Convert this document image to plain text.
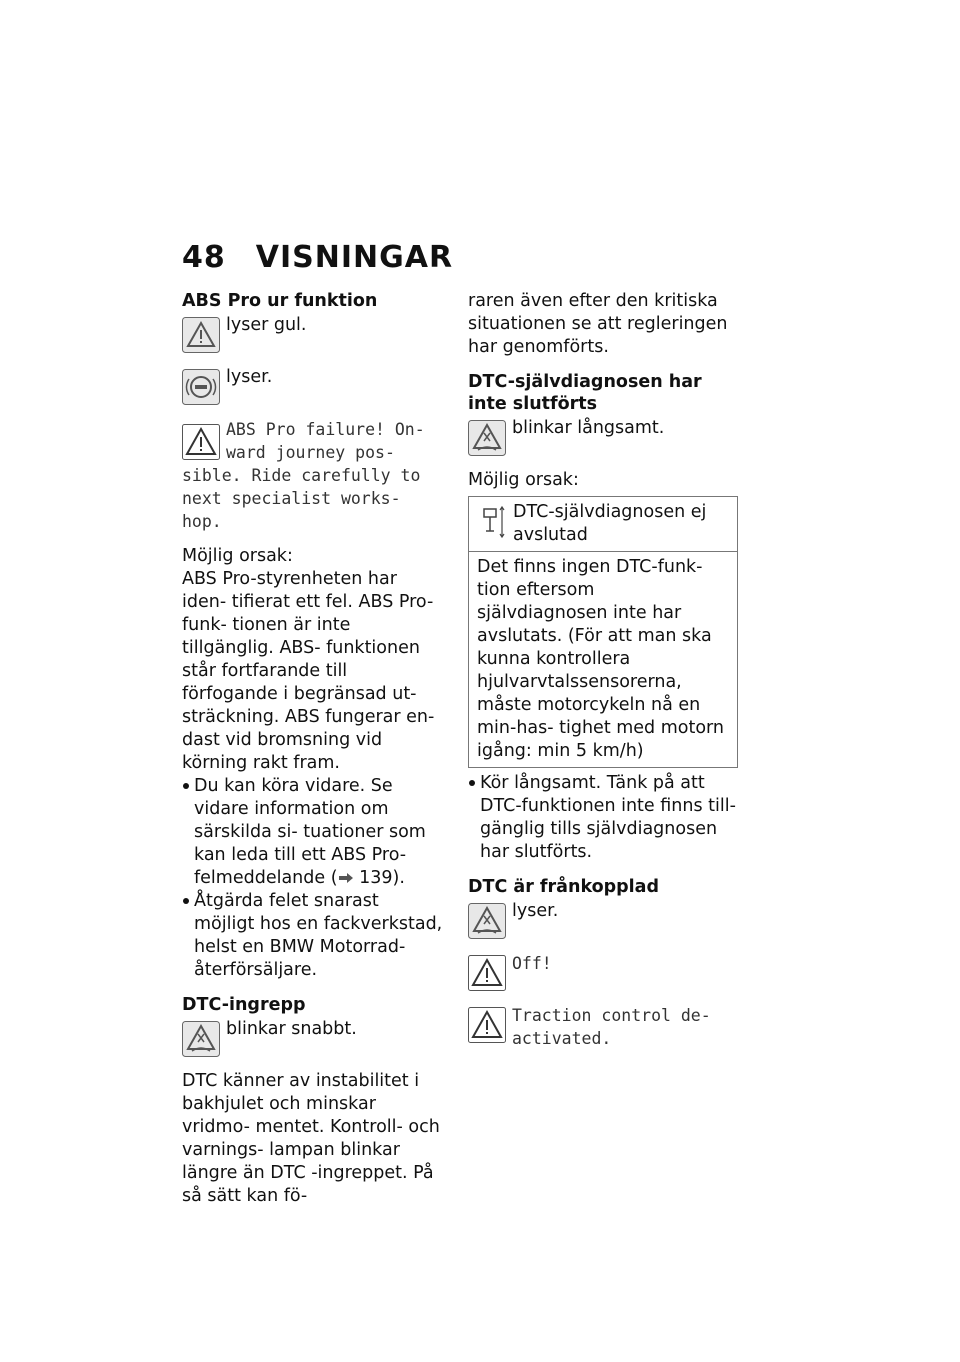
48 VISNINGAR
ABS Pro ur funktion
lyser gul.
lyser.
ABS Pro failure! On-
ward journey pos-
sible. Ride carefully to
next specialist works-
hop.

Möjlig orsak:

ABS Pro-styrenheten har iden- tifierat ett fel. ABS Pro-funk- tionen är inte tillgänglig. ABS- funktionen står fortfarande till förfogande i begränsad ut- sträckning. ABS fungerar en- dast vid bromsning vid körning rakt fram.

Du kan köra vidare. Se vidare information om särskilda si- tuationer som kan leda till ett ABS Pro-felmeddelande ( 139).
Åtgärda felet snarast möjligt hos en fackverkstad, helst en BMW Motorrad-återförsäljare.
DTC-ingrepp
blinkar snabbt.

DTC känner av instabilitet i bakhjulet och minskar vridmo- mentet. Kontroll- och varnings- lampan blinkar längre än DTC -ingreppet. På så sätt kan fö-

raren även efter den kritiska situationen se att regleringen har genomförts.

DTC-självdiagnosen har inte slutförts
blinkar långsamt.

Möjlig orsak:

DTC-självdiagnosen ej avslutad
Det finns ingen DTC-funk- tion eftersom självdiagnosen inte har avslutats. (För att man ska kunna kontrollera hjulvarvtalssensorerna, måste motorcykeln nå en min-has- tighet med motorn igång: min 5 km/h)
Kör långsamt. Tänk på att DTC-funktionen inte finns till- gänglig tills självdiagnosen har slutförts.
DTC är frånkopplad
lyser.
Off!
Traction control de-
activated.
